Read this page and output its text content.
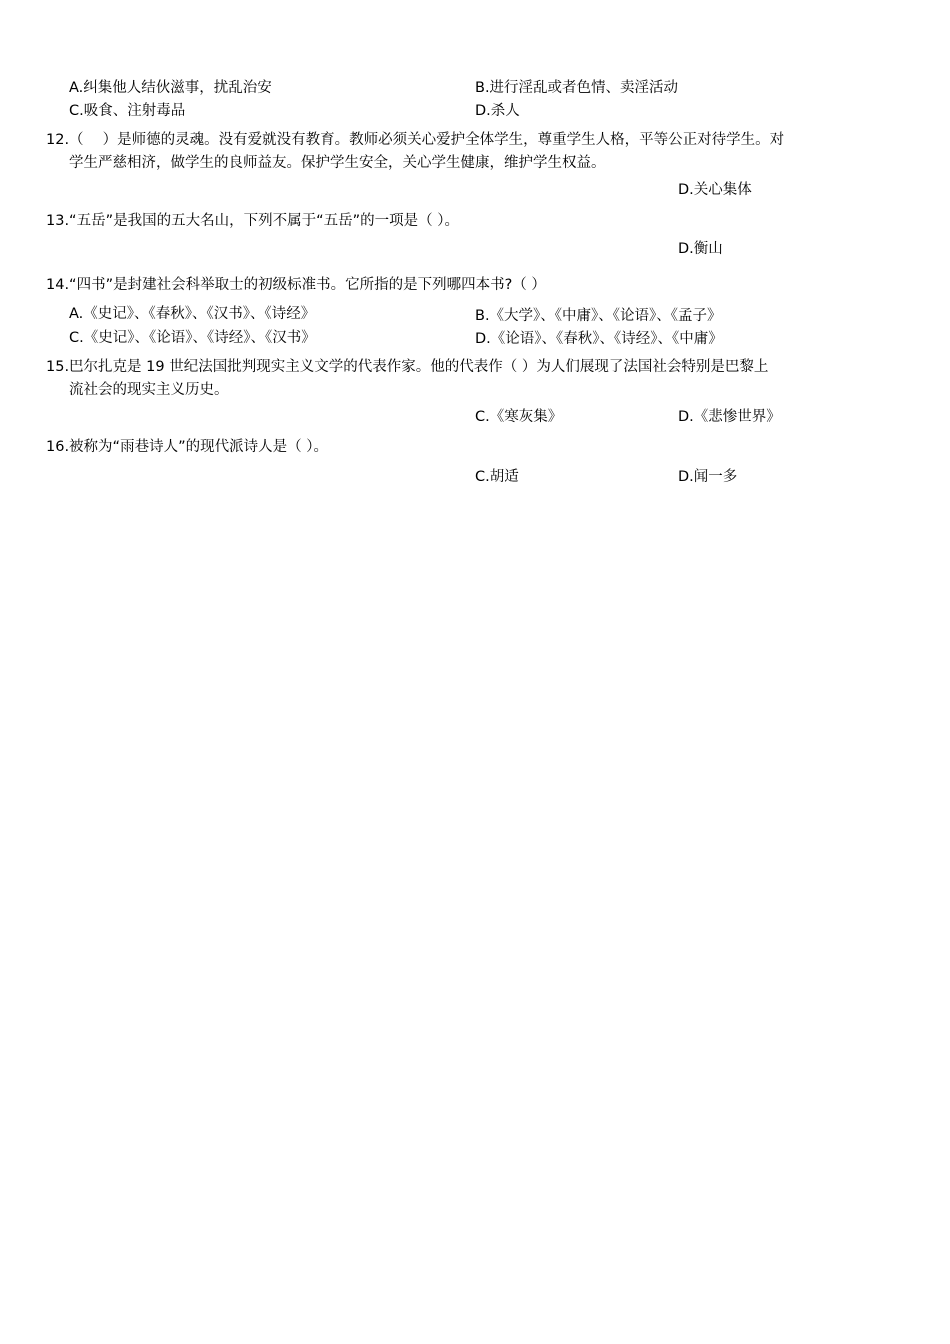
A.纠集他人结伙滋事，扰乱治安	B.进行淫乱或者色情、卖淫活动
C.吸食、注射毒品	D.杀人
12.（　 ）是师德的灵魂。没有爱就没有教育。教师必须关心爱护全体学生，尊重学生人格，平等公正对待学生。对
学生严慈相济，做学生的良师益友。保护学生安全，关心学生健康，维护学生权益。
D.关心集体
13.“五岳”是我国的五大名山，下列不属于“五岳”的一项是（ ）。
D.衡山
14.“四书”是封建社会科举取士的初级标准书。它所指的是下列哪四本书?（ ）
A.《史记》、《春秋》、《汉书》、《诗经》	B.《大学》、《中庸》、《论语》、《孟子》
C.《史记》、《论语》、《诗经》、《汉书》	D.《论语》、《春秋》、《诗经》、《中庸》
15.巴尔扎克是 19 世纪法国批判现实主义文学的代表作家。他的代表作（ ）为人们展现了法国社会特别是巴黎上
流社会的现实主义历史。
C.《寒灰集》	D.《悲惨世界》
16.被称为“雨巷诗人”的现代派诗人是（ ）。
C.胡适	D.闻一多
